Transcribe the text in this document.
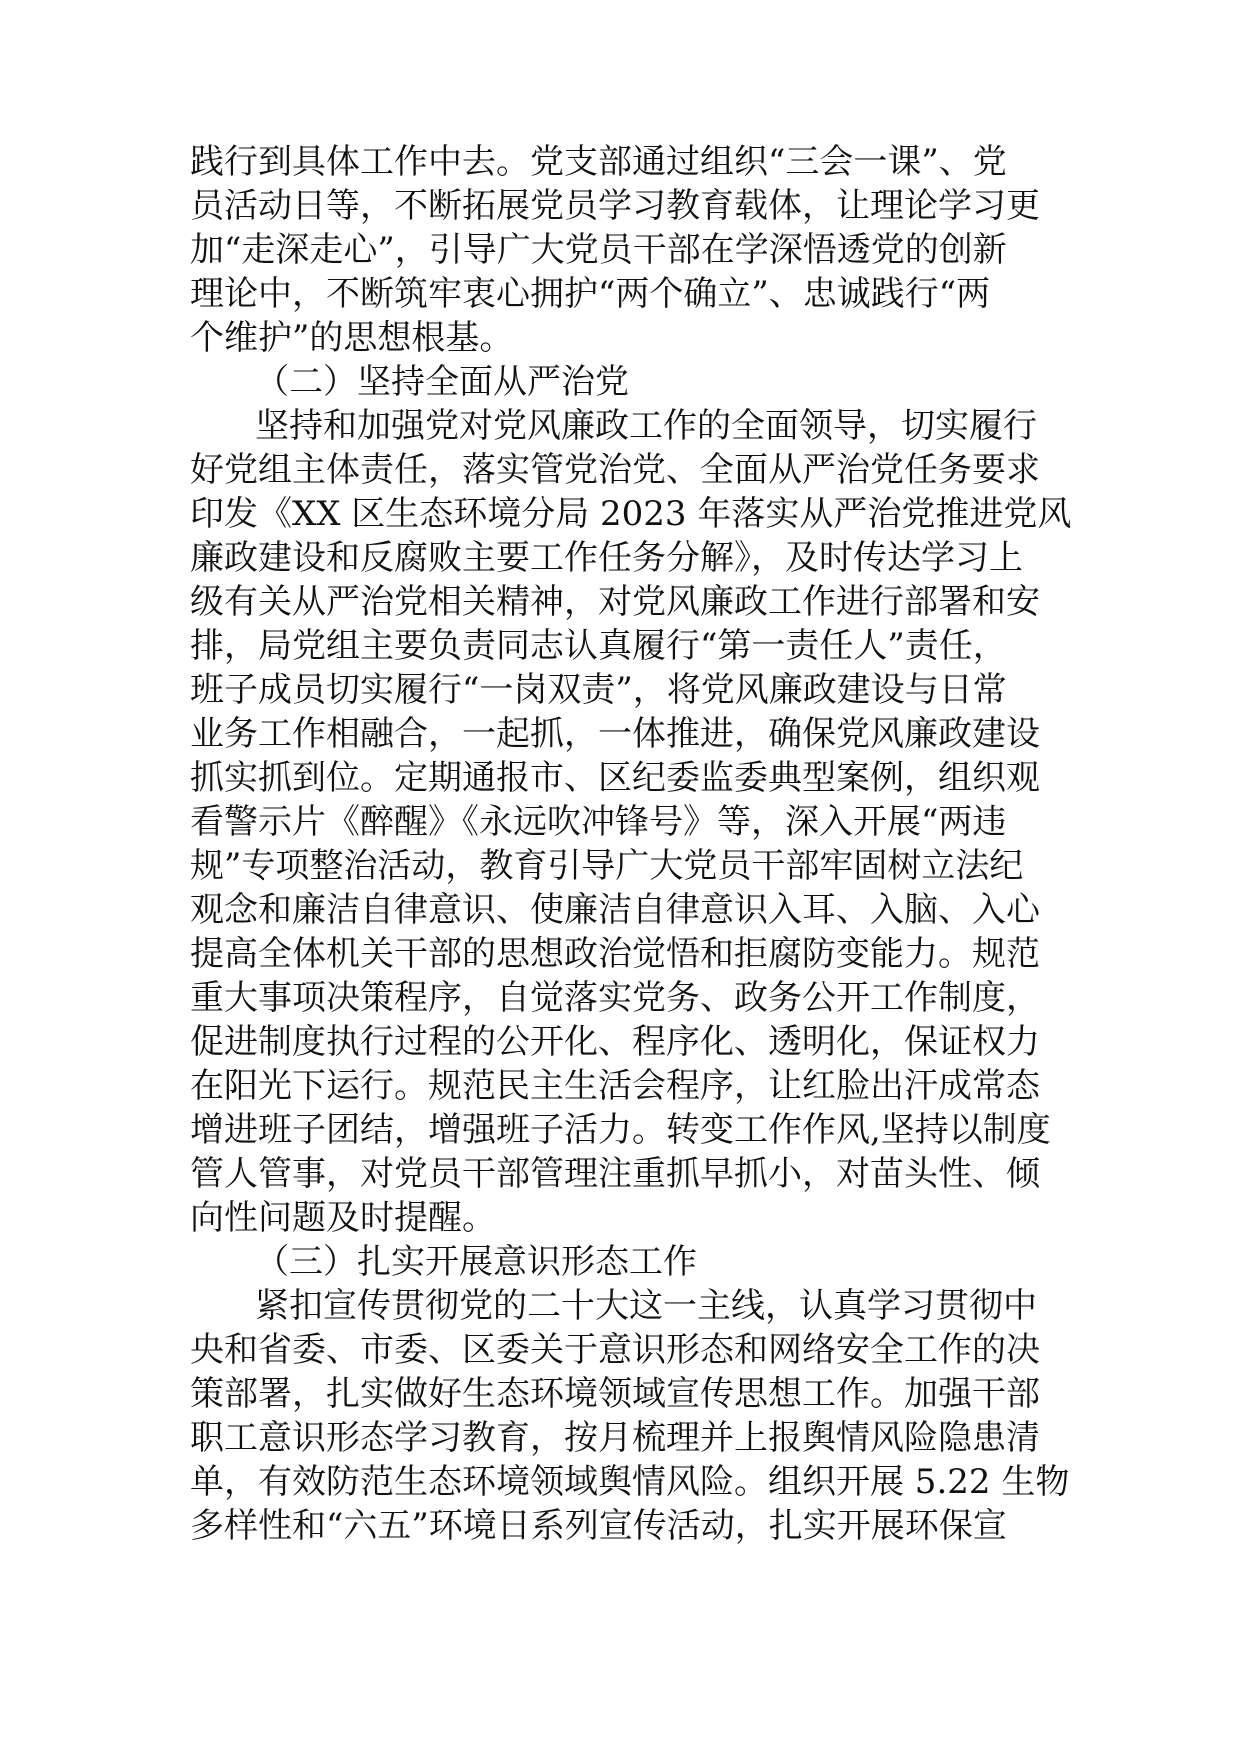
践行到具体工作中去。党支部通过组织“三会一课”、党
员活动日等，不断拓展党员学习教育载体，让理论学习更
加“走深走心”，引导广大党员干部在学深悟透党的创新
理论中，不断筑牢衷心拥护“两个确立”、忠诚践行“两
个维护”的思想根基。
（二）坚持全面从严治党
坚持和加强党对党风廉政工作的全面领导，切实履行
好党组主体责任，落实管党治党、全面从严治党任务要求
印发《XX 区生态环境分局 2023 年落实从严治党推进党风
廉政建设和反腐败主要工作任务分解》，及时传达学习上
级有关从严治党相关精神，对党风廉政工作进行部署和安
排，局党组主要负责同志认真履行“第一责任人”责任，
班子成员切实履行“一岗双责”，将党风廉政建设与日常
业务工作相融合，一起抓，一体推进，确保党风廉政建设
抓实抓到位。定期通报市、区纪委监委典型案例，组织观
看警示片《醉醒》《永远吹冲锋号》等，深入开展“两违
规”专项整治活动，教育引导广大党员干部牢固树立法纪
观念和廉洁自律意识、使廉洁自律意识入耳、入脑、入心
提高全体机关干部的思想政治觉悟和拒腐防变能力。规范
重大事项决策程序，自觉落实党务、政务公开工作制度，
促进制度执行过程的公开化、程序化、透明化，保证权力
在阳光下运行。规范民主生活会程序，让红脸出汗成常态
增进班子团结，增强班子活力。转变工作作风,坚持以制度
管人管事，对党员干部管理注重抓早抓小，对苗头性、倾
向性问题及时提醒。
（三）扎实开展意识形态工作
紧扣宣传贯彻党的二十大这一主线，认真学习贯彻中
央和省委、市委、区委关于意识形态和网络安全工作的决
策部署，扎实做好生态环境领域宣传思想工作。加强干部
职工意识形态学习教育，按月梳理并上报舆情风险隐患清
单，有效防范生态环境领域舆情风险。组织开展 5.22 生物
多样性和“六五”环境日系列宣传活动，扎实开展环保宣
